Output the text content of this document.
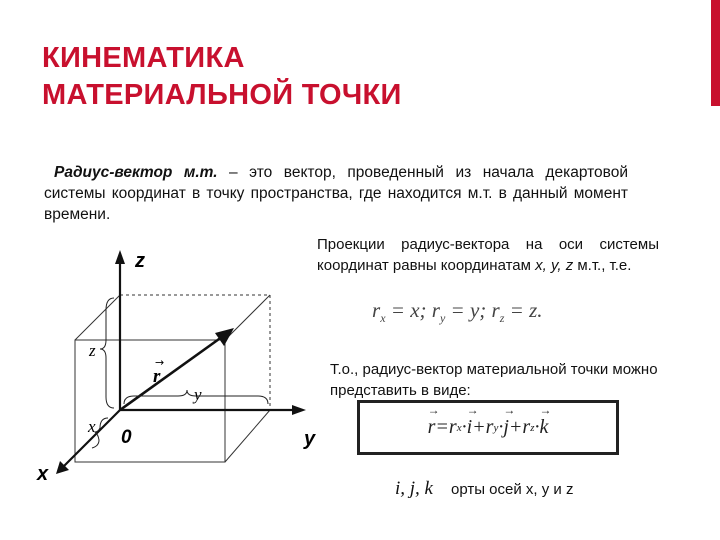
КИНЕМАТИКА
МАТЕРИАЛЬНОЙ ТОЧКИ

Радиус-вектор м.т. – это вектор, проведенный из начала декартовой системы координат в точку пространства, где находится м.т. в данный момент времени.

z
y
x
0
r
→
z
y
x

Проекции радиус-вектора на оси системы координат равны координатам x, y, z м.т., т.е.

$r_x = x$; $r_y = y$; $r_z = z$.

Т.о., радиус-вектор материальной точки можно представить в виде:

→ r = r x · → i + r y · → j + r z · → k
i, j, k орты осей x, y и z
